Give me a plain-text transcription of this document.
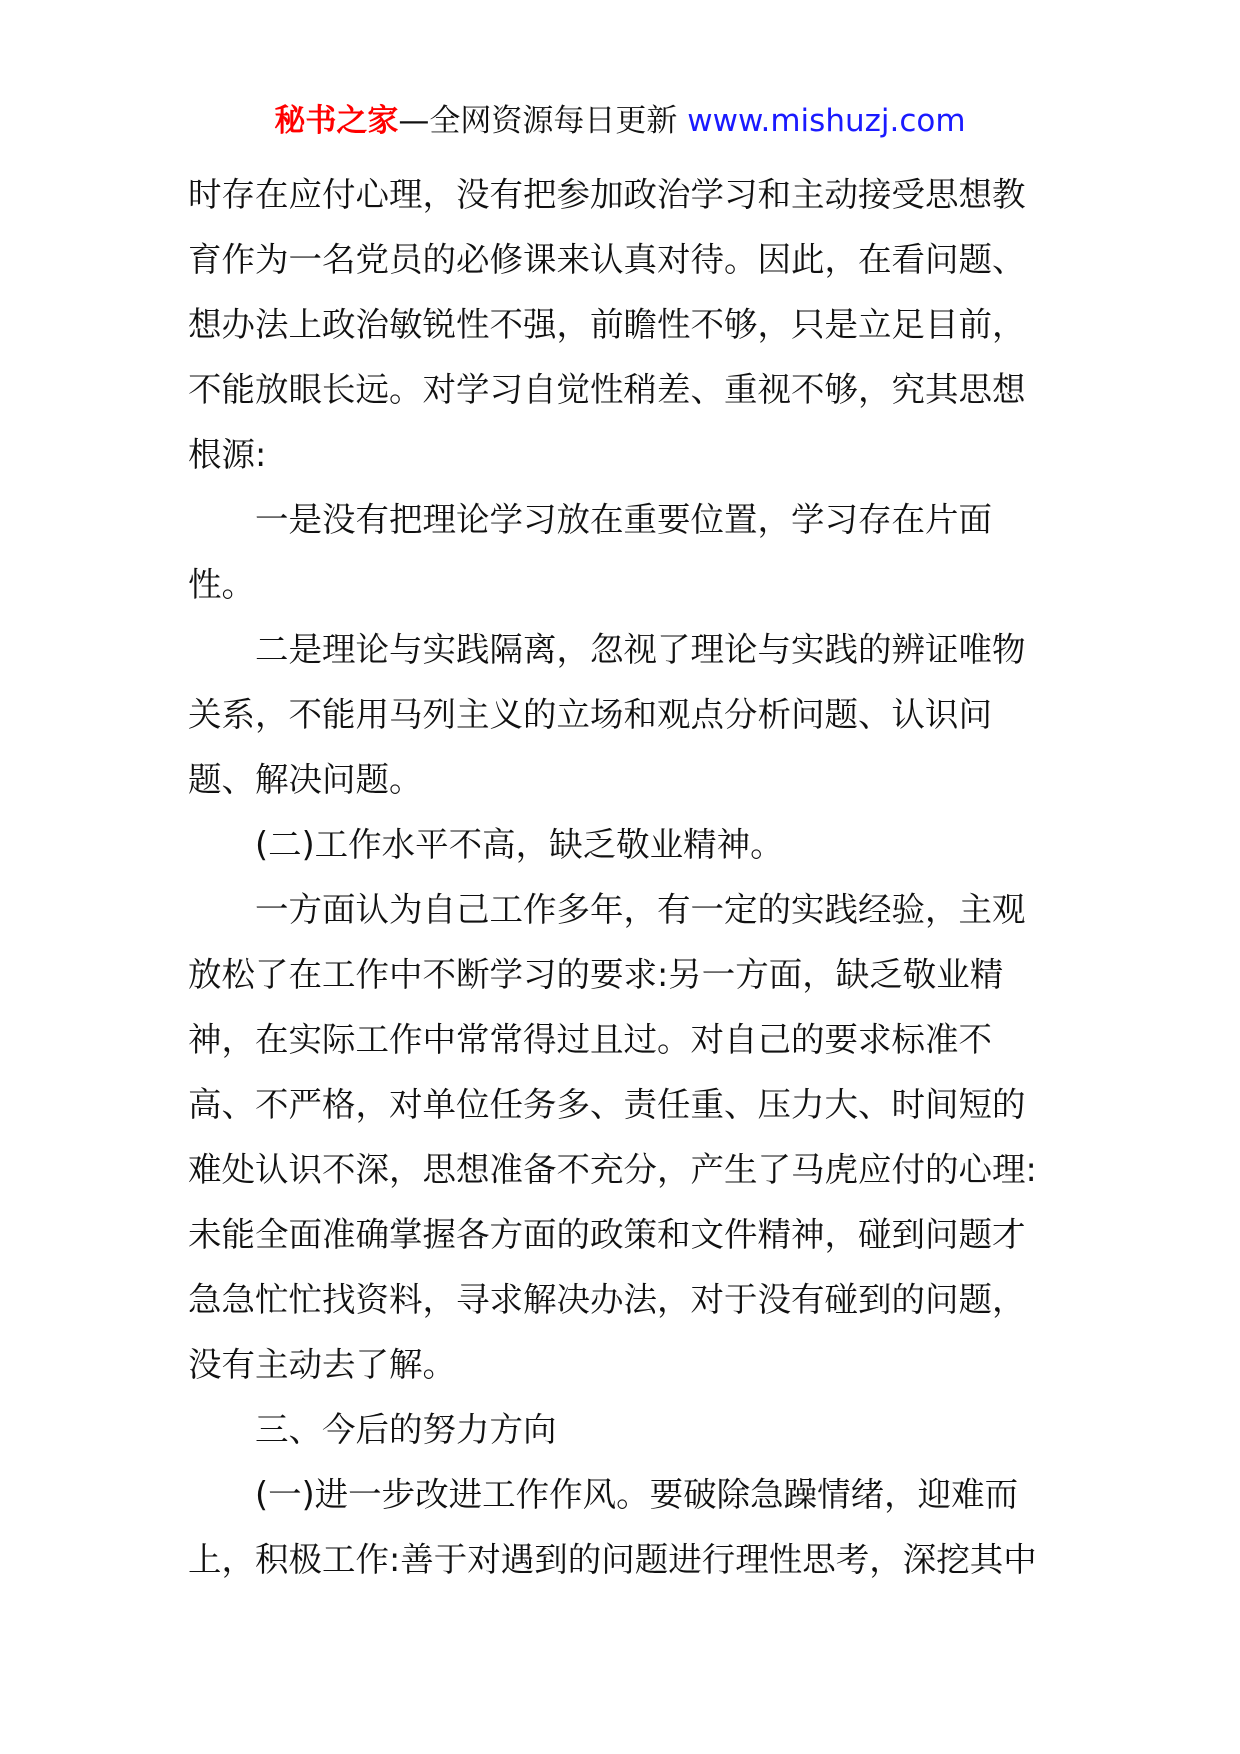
秘书之家—全网资源每日更新 www.mishuzj.com
时存在应付心理，没有把参加政治学习和主动接受思想教
育作为一名党员的必修课来认真对待。因此，在看问题、
想办法上政治敏锐性不强，前瞻性不够，只是立足目前，
不能放眼长远。对学习自觉性稍差、重视不够，究其思想
根源:
一是没有把理论学习放在重要位置，学习存在片面
性。
二是理论与实践隔离，忽视了理论与实践的辨证唯物
关系，不能用马列主义的立场和观点分析问题、认识问
题、解决问题。
(二)工作水平不高，缺乏敬业精神。
一方面认为自己工作多年，有一定的实践经验，主观
放松了在工作中不断学习的要求:另一方面，缺乏敬业精
神，在实际工作中常常得过且过。对自己的要求标准不
高、不严格，对单位任务多、责任重、压力大、时间短的
难处认识不深，思想准备不充分，产生了马虎应付的心理:
未能全面准确掌握各方面的政策和文件精神，碰到问题才
急急忙忙找资料，寻求解决办法，对于没有碰到的问题，
没有主动去了解。
三、今后的努力方向
(一)进一步改进工作作风。要破除急躁情绪，迎难而
上，积极工作:善于对遇到的问题进行理性思考，深挖其中
